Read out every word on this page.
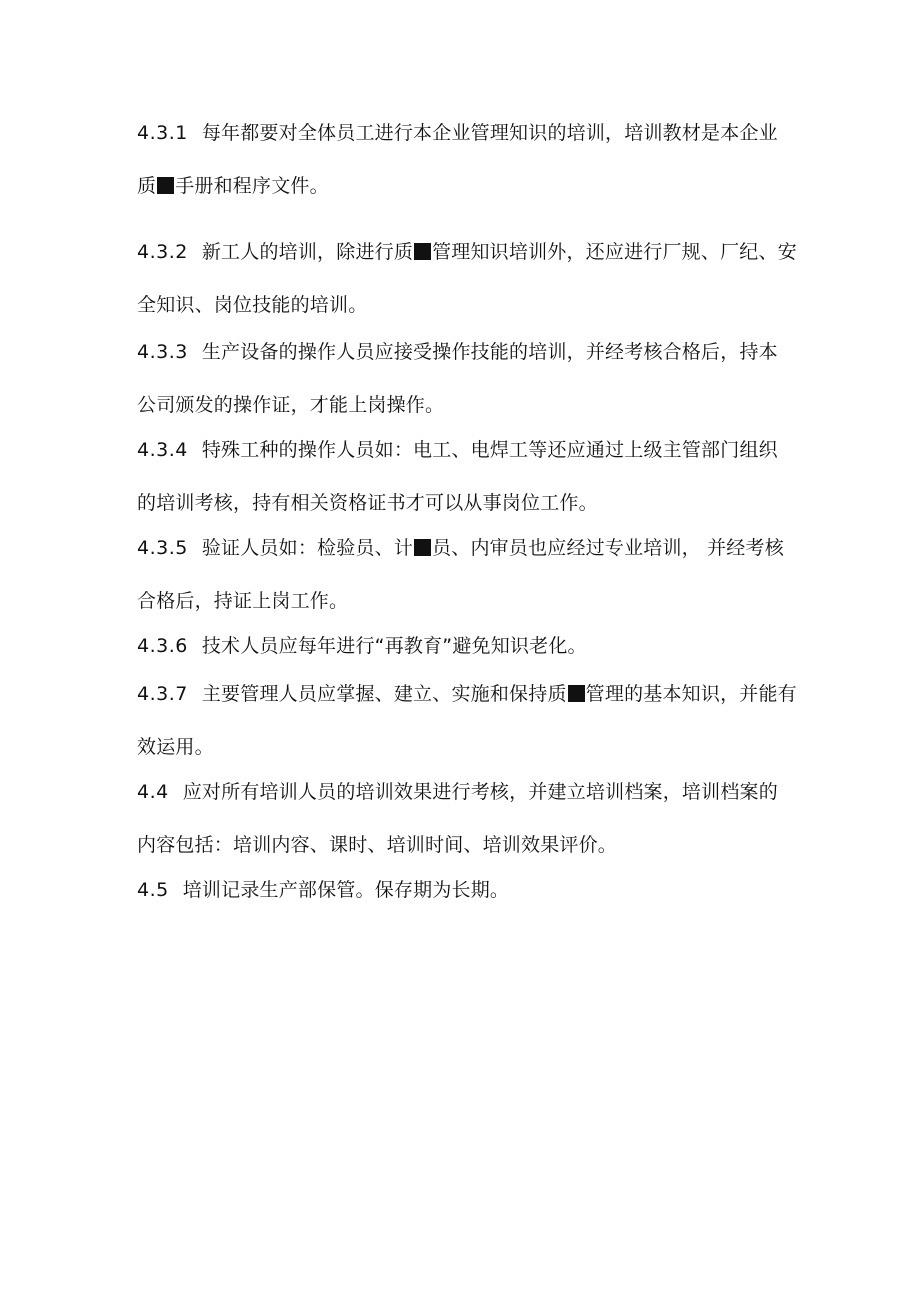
4.3.1 每年都要对全体员工进行本企业管理知识的培训，培训教材是本企业质 手册和程序文件。

4.3.2 新工人的培训，除进行质 管理知识培训外，还应进行厂规、厂纪、安全知识、岗位技能的培训。

4.3.3 生产设备的操作人员应接受操作技能的培训，并经考核合格后，持本公司颁发的操作证，才能上岗操作。

4.3.4 特殊工种的操作人员如：电工、电焊工等还应通过上级主管部门组织的培训考核，持有相关资格证书才可以从事岗位工作。

4.3.5 验证人员如：检验员、计 员、内审员也应经过专业培训， 并经考核合格后，持证上岗工作。

4.3.6 技术人员应每年进行“再教育”避免知识老化。

4.3.7 主要管理人员应掌握、建立、实施和保持质 管理的基本知识，并能有效运用。

4.4 应对所有培训人员的培训效果进行考核，并建立培训档案，培训档案的内容包括：培训内容、课时、培训时间、培训效果评价。

4.5 培训记录生产部保管。保存期为长期。
